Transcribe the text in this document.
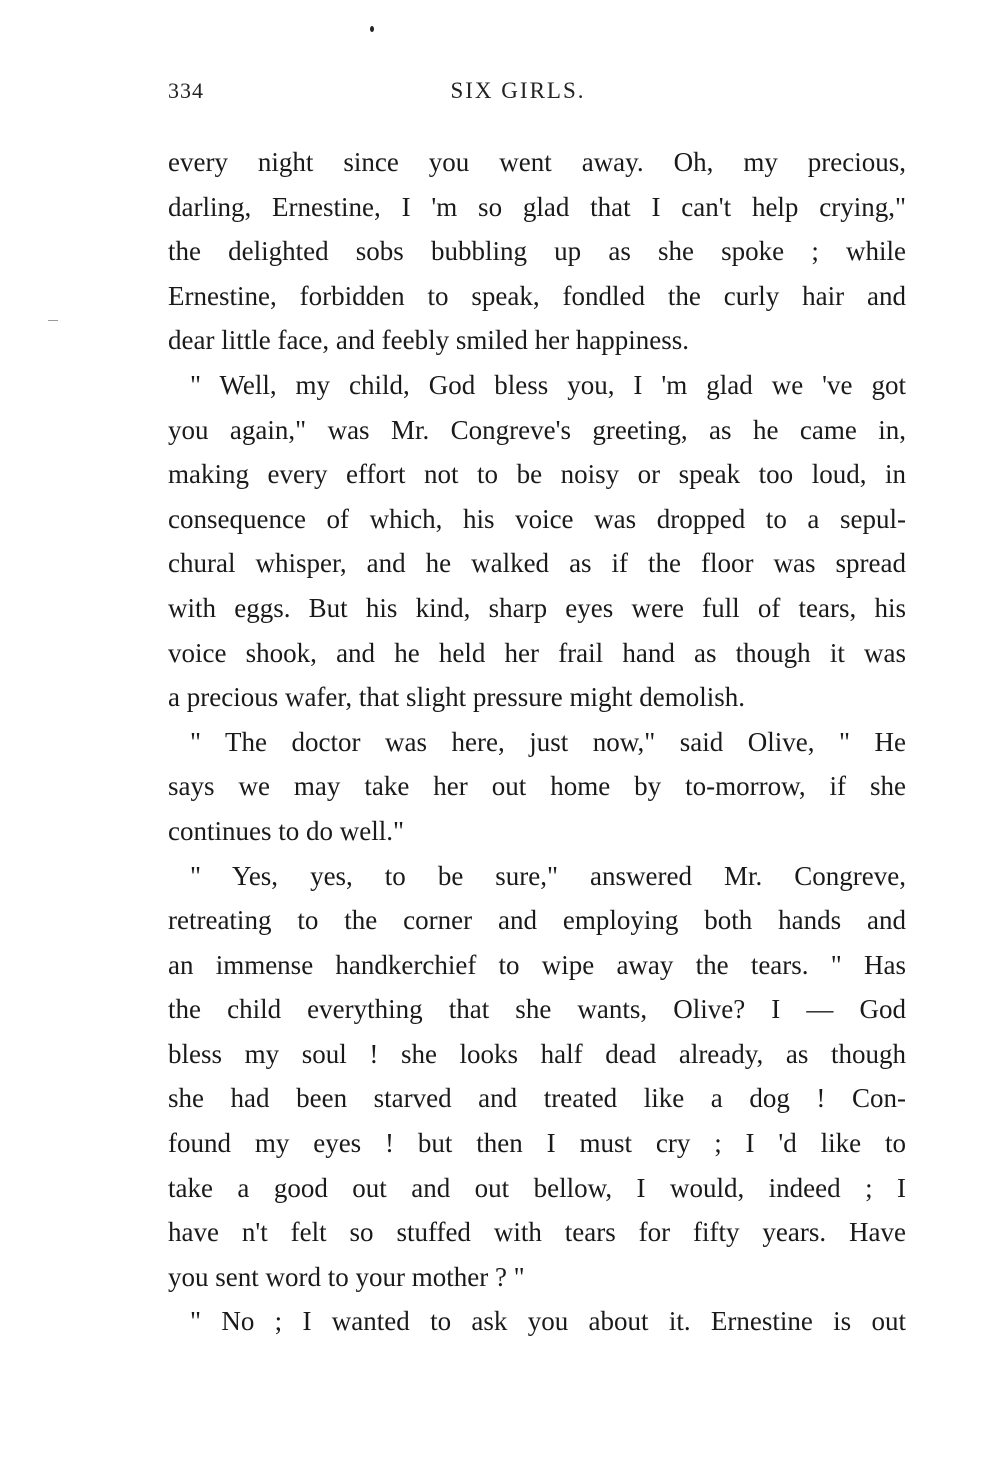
334	SIX GIRLS.
every night since you went away. Oh, my precious,
darling, Ernestine, I 'm so glad that I can't help crying,"
the delighted sobs bubbling up as she spoke ; while
Ernestine, forbidden to speak, fondled the curly hair and
dear little face, and feebly smiled her happiness.
" Well, my child, God bless you, I 'm glad we 've got
you again," was Mr. Congreve's greeting, as he came in,
making every effort not to be noisy or speak too loud, in
consequence of which, his voice was dropped to a sepul-
chural whisper, and he walked as if the floor was spread
with eggs. But his kind, sharp eyes were full of tears, his
voice shook, and he held her frail hand as though it was
a precious wafer, that slight pressure might demolish.
" The doctor was here, just now," said Olive, " He
says we may take her out home by to-morrow, if she
continues to do well."
" Yes, yes, to be sure," answered Mr. Congreve,
retreating to the corner and employing both hands and
an immense handkerchief to wipe away the tears. " Has
the child everything that she wants, Olive? I — God
bless my soul ! she looks half dead already, as though
she had been starved and treated like a dog ! Con-
found my eyes ! but then I must cry ; I 'd like to
take a good out and out bellow, I would, indeed ; I
have n't felt so stuffed with tears for fifty years. Have
you sent word to your mother ? "
" No ; I wanted to ask you about it. Ernestine is out
